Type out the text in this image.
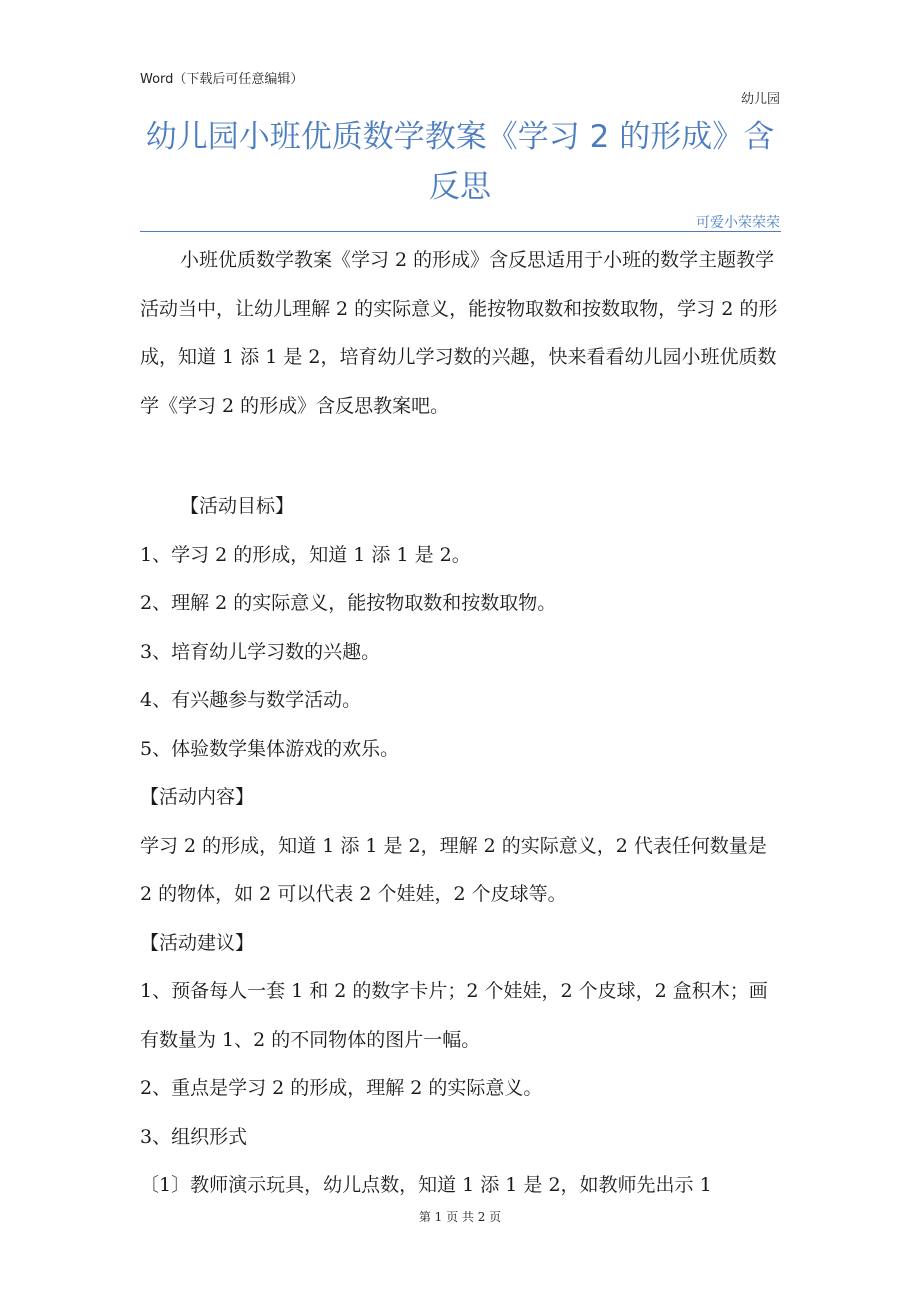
Word（下载后可任意编辑）
幼儿园
幼儿园小班优质数学教案《学习 2 的形成》含反思
可爱小荣荣荣

小班优质数学教案《学习 2 的形成》含反思适用于小班的数学主题教学活动当中，让幼儿理解 2 的实际意义，能按物取数和按数取物，学习 2 的形成，知道 1 添 1 是 2，培育幼儿学习数的兴趣，快来看看幼儿园小班优质数学《学习 2 的形成》含反思教案吧。

【活动目标】

1、学习 2 的形成，知道 1 添 1 是 2。

2、理解 2 的实际意义，能按物取数和按数取物。

3、培育幼儿学习数的兴趣。

4、有兴趣参与数学活动。

5、体验数学集体游戏的欢乐。

【活动内容】

学习 2 的形成，知道 1 添 1 是 2，理解 2 的实际意义，2 代表任何数量是 2 的物体，如 2 可以代表 2 个娃娃，2 个皮球等。

【活动建议】

1、预备每人一套 1 和 2 的数字卡片；2 个娃娃，2 个皮球，2 盒积木；画有数量为 1、2 的不同物体的图片一幅。

2、重点是学习 2 的形成，理解 2 的实际意义。

3、组织形式

〔1〕教师演示玩具，幼儿点数，知道 1 添 1 是 2，如教师先出示 1

第 1 页 共 2 页
